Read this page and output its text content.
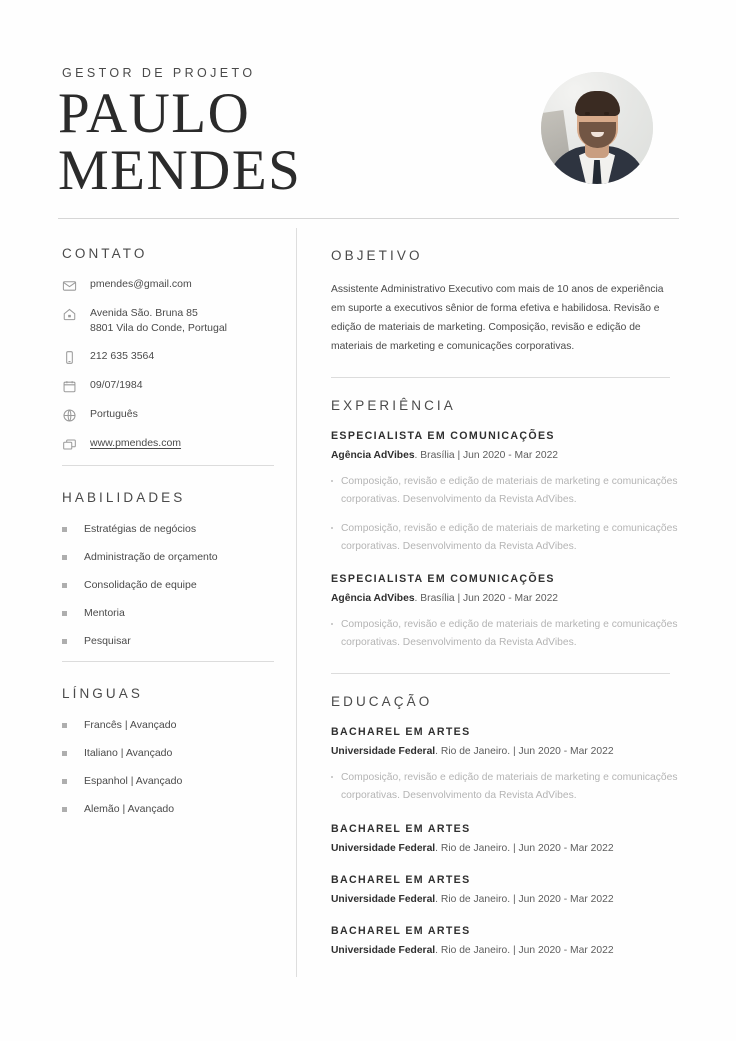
GESTOR DE PROJETO
PAULO
MENDES
CONTATO
pmendes@gmail.com
Avenida São. Bruna 85
8801 Vila do Conde, Portugal
212 635 3564
09/07/1984
Português
www.pmendes.com
HABILIDADES
Estratégias de negócios
Administração de orçamento
Consolidação de equipe
Mentoria
Pesquisar
LÍNGUAS
Francês | Avançado
Italiano | Avançado
Espanhol | Avançado
Alemão | Avançado
OBJETIVO

Assistente Administrativo Executivo com mais de 10 anos de experiência em suporte a executivos sênior de forma efetiva e habilidosa. Revisão e edição de materiais de marketing. Composição, revisão e edição de materiais de marketing e comunicações corporativas.

EXPERIÊNCIA
ESPECIALISTA EM COMUNICAÇÕES
Agência AdVibes. Brasília | Jun 2020 - Mar 2022
Composição, revisão e edição de materiais de marketing e comunicações corporativas. Desenvolvimento da Revista AdVibes.
Composição, revisão e edição de materiais de marketing e comunicações corporativas. Desenvolvimento da Revista AdVibes.
ESPECIALISTA EM COMUNICAÇÕES
Agência AdVibes. Brasília | Jun 2020 - Mar 2022
Composição, revisão e edição de materiais de marketing e comunicações corporativas. Desenvolvimento da Revista AdVibes.
EDUCAÇÃO
BACHAREL EM ARTES
Universidade Federal. Rio de Janeiro. | Jun 2020 - Mar 2022
Composição, revisão e edição de materiais de marketing e comunicações corporativas. Desenvolvimento da Revista AdVibes.
BACHAREL EM ARTES
Universidade Federal. Rio de Janeiro. | Jun 2020 - Mar 2022
BACHAREL EM ARTES
Universidade Federal. Rio de Janeiro. | Jun 2020 - Mar 2022
BACHAREL EM ARTES
Universidade Federal. Rio de Janeiro. | Jun 2020 - Mar 2022
